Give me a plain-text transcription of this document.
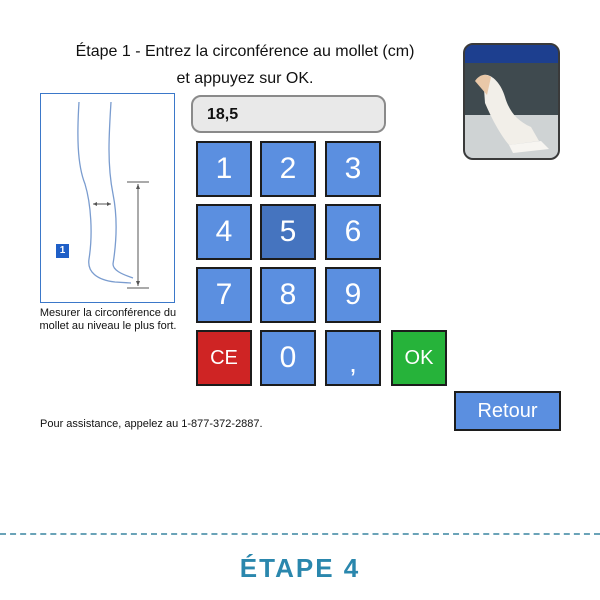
Étape 1 - Entrez la circonférence au mollet (cm)
et appuyez sur OK.
1
Mesurer la circonférence du mollet au niveau le plus fort.
18,5
1	2	3
4	5	6
7	8	9
CE	0	,	OK
Pour assistance, appelez au 1-877-372-2887.
Retour
ÉTAPE 4
